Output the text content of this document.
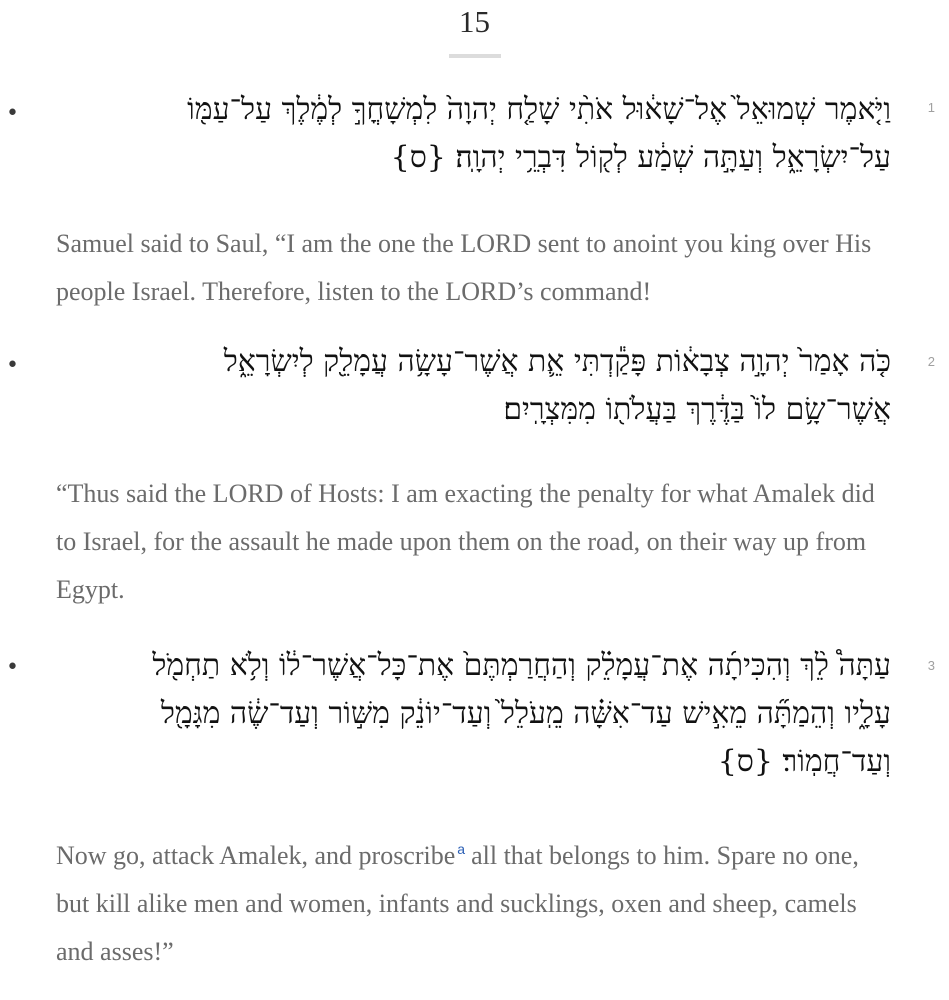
15
•	1
וַיֹּ֤אמֶר שְׁמוּאֵל֙ אֶל־שָׁא֔וּל אֹתִ֨י שָׁלַ֤ח יְהוָה֙ לִמְשָׁחֳךָ֣ לְמֶ֔לֶךְ עַל־עַמּ֖וֹ
עַל־יִשְׂרָאֵ֑ל וְעַתָּ֣ה שְׁמַ֔ע לְק֖וֹל דִּבְרֵ֥י יְהוָֽה׃ {ס}
Samuel said to Saul, “I am the one the LORD sent to anoint you king over His people Israel. Therefore, listen to the LORD’s command!
•	2
כֹּ֤ה אָמַר֙ יְהוָ֣ה צְבָא֔וֹת פָּקַ֕דְתִּי אֵ֛ת אֲשֶׁר־עָשָׂ֥ה עֲמָלֵ֖ק לְיִשְׂרָאֵ֑ל
אֲשֶׁר־שָׂ֥ם לוֹ֙ בַּדֶּ֔רֶךְ בַּעֲלֹת֖וֹ מִמִּצְרָֽיִם׃
“Thus said the LORD of Hosts: I am exacting the penalty for what Amalek did to Israel, for the assault he made upon them on the road, on their way up from Egypt.
•	3
עַתָּה֩ לֵ֨ךְ וְהִכִּיתָ֜ה אֶת־עֲמָלֵ֗ק וְהַחֲרַמְתֶּם֙ אֶת־כָּל־אֲשֶׁר־ל֔וֹ וְלֹ֥א תַחְמֹ֖ל
עָלָ֑יו וְהֵמַתָּ֞ה מֵאִ֣ישׁ עַד־אִשָּׁ֗ה מֵֽעֹלֵל֙ וְעַד־יוֹנֵ֔ק מִשּׁ֣וֹר וְעַד־שֶׂ֔ה מִגָּמָ֖ל
וְעַד־חֲמֽוֹר׃ {ס}
Now go, attack Amalek, and proscribe $^a$ all that belongs to him. Spare no one, but kill alike men and women, infants and sucklings, oxen and sheep, camels and asses!”
